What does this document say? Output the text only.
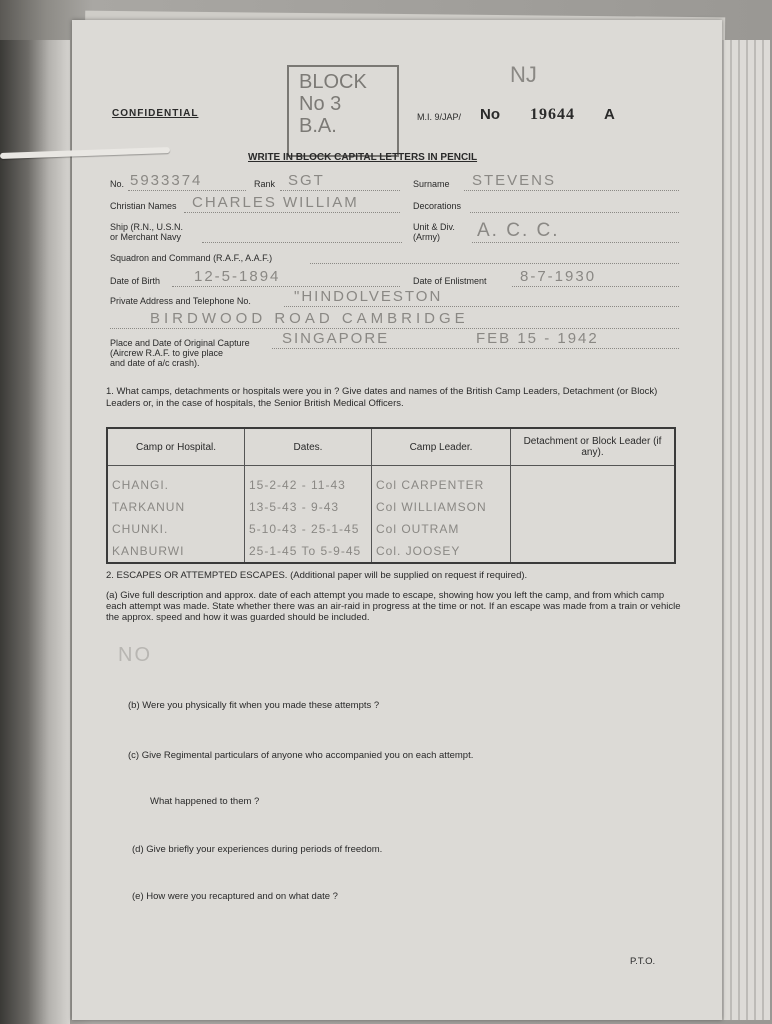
CONFIDENTIAL
BLOCK
No 3
B.A.
NJ
M.I. 9/JAP/ No 19644 A
WRITE IN BLOCK CAPITAL LETTERS IN PENCIL
No. 5933374	Rank SGT	Surname STEVENS
Christian Names CHARLES WILLIAM	Decorations
Ship (R.N., U.S.N.
or Merchant Navy
Unit & Div.
(Army) A. C. C.
Squadron and Command (R.A.F., A.A.F.)
Date of Birth 12-5-1894	Date of Enlistment 8-7-1930
Private Address and Telephone No.	"HINDOLVESTON
BIRDWOOD ROAD CAMBRIDGE
Place and Date of Original Capture
(Aircrew R.A.F. to give place
and date of a/c crash).
SINGAPORE	FEB 15 - 1942
1. What camps, detachments or hospitals were you in ? Give dates and names of the British Camp Leaders, Detachment (or Block) Leaders or, in the case of hospitals, the Senior British Medical Officers.
Camp or Hospital.	Dates.	Camp Leader.	Detachment or Block Leader (if any).

CHANGI.	15-2-42 - 11-43	Col CARPENTER	
TARKANUN	13-5-43 - 9-43	Col WILLIAMSON	
CHUNKI.	5-10-43 - 25-1-45	Col OUTRAM	
KANBURWI	25-1-45 To 5-9-45	Col. JOOSEY	
2. ESCAPES OR ATTEMPTED ESCAPES. (Additional paper will be supplied on request if required).
(a) Give full description and approx. date of each attempt you made to escape, showing how you left the camp, and from which camp each attempt was made. State whether there was an air-raid in progress at the time or not. If an escape was made from a train or vehicle the approx. speed and how it was guarded should be included.
NO
(b) Were you physically fit when you made these attempts ?
(c) Give Regimental particulars of anyone who accompanied you on each attempt.
What happened to them ?
(d) Give briefly your experiences during periods of freedom.
(e) How were you recaptured and on what date ?
P.T.O.
